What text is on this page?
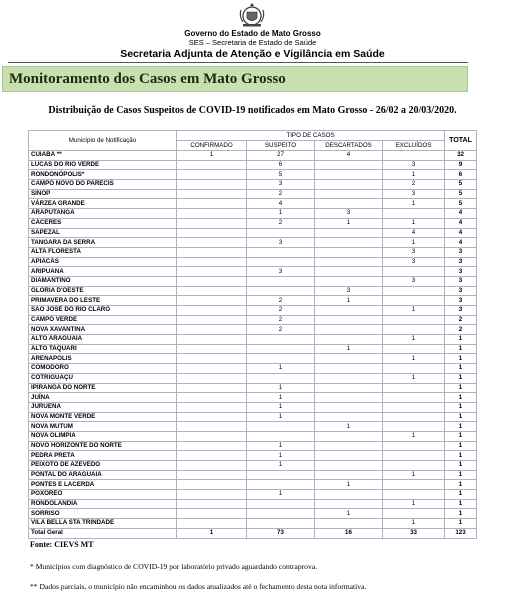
Governo do Estado de Mato Grosso
SES – Secretaria de Estado de Saúde
Secretaria Adjunta de Atenção e Vigilância em Saúde
Monitoramento dos Casos em Mato Grosso
Distribuição de Casos Suspeitos de COVID-19 notificados em Mato Grosso - 26/02 a 20/03/2020.
Município de Notificação	TIPO DE CASOS				TOTAL
	CONFIRMADO	SUSPEITO	DESCARTADOS	EXCLUÍDOS	
CUIABÁ **	1	27	4		32
LUCAS DO RIO VERDE		6		3	9
RONDONÓPOLIS*		5		1	6
CAMPO NOVO DO PARECIS		3		2	5
SINOP		2		3	5
VÁRZEA GRANDE		4		1	5
ARAPUTANGA		1	3		4
CÁCERES		2	1	1	4
SAPEZAL				4	4
TANGARA DA SERRA		3		1	4
ALTA FLORESTA				3	3
APIACÁS				3	3
ARIPUANA		3			3
DIAMANTINO				3	3
GLÓRIA D'OESTE			3		3
PRIMAVERA DO LESTE		2	1		3
SÃO JOSÉ DO RIO CLARO		2		1	3
CAMPO VERDE		2			2
NOVA XAVANTINA		2			2
ALTO ARAGUAIA				1	1
ALTO TAQUARI			1		1
ARENAPOLIS				1	1
COMODORO		1			1
COTRIGUAÇU				1	1
IPIRANGA DO NORTE		1			1
JUÍNA		1			1
JURUENA		1			1
NOVA MONTE VERDE		1			1
NOVA MUTUM			1		1
NOVA OLIMPIA				1	1
NOVO HORIZONTE DO NORTE		1			1
PEDRA PRETA		1			1
PEIXOTO DE AZEVEDO		1			1
PONTAL DO ARAGUAIA				1	1
PONTES E LACERDA			1		1
POXORÉO		1			1
RONDOLANDIA				1	1
SORRISO			1		1
VILA BELLA STA TRINDADE				1	1
Total Geral	1	73	16	33	123
Fonte: CIEVS MT
* Municípios com diagnóstico de COVID-19 por laboratório privado aguardando contraprova.
** Dados parciais, o município não encaminhou os dados atualizados até o fechamento desta nota informativa.
